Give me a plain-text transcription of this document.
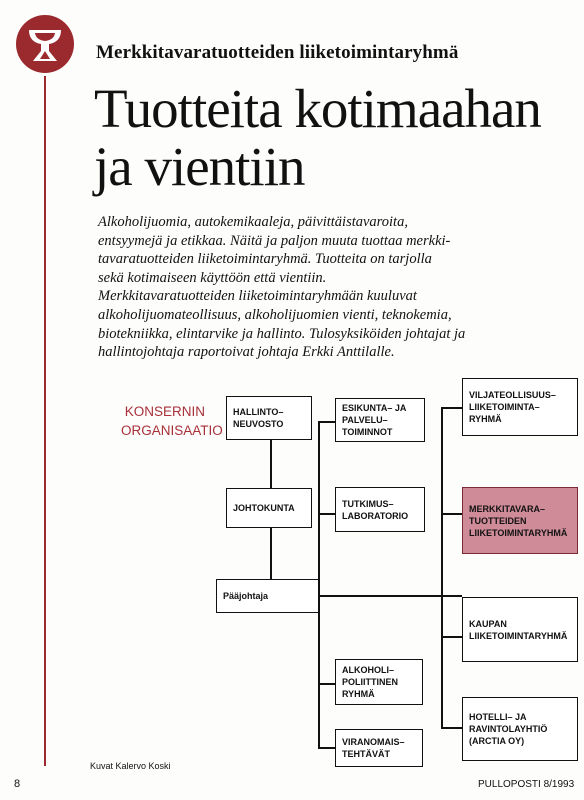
Merkkitavaratuotteiden liiketoimintaryhmä
Tuotteita kotimaahan
ja vientiin
Alkoholijuomia, autokemikaaleja, päivittäistavaroita,
entsyymejä ja etikkaa. Näitä ja paljon muuta tuottaa merkki-
tavaratuotteiden liiketoimintaryhmä. Tuotteita on tarjolla
sekä kotimaiseen käyttöön että vientiin.
Merkkitavaratuotteiden liiketoimintaryhmään kuuluvat
alkoholijuomateollisuus, alkoholijuomien vienti, teknokemia,
biotekniikka, elintarvike ja hallinto. Tulosyksiköiden johtajat ja
hallintojohtaja raportoivat johtaja Erkki Anttilalle.
KONSERNIN
ORGANISAATIO
HALLINTO–
NEUVOSTO
JOHTOKUNTA
Pääjohtaja
ESIKUNTA– JA
PALVELU–
TOIMINNOT
TUTKIMUS–
LABORATORIO
ALKOHOLI–
POLIITTINEN
RYHMÄ
VIRANOMAIS–
TEHTÄVÄT
VILJATEOLLISUUS–
LIIKETOIMINTA–
RYHMÄ
MERKKITAVARA–
TUOTTEIDEN
LIIKETOIMINTARYHMÄ
KAUPAN
LIIKETOIMINTARYHMÄ
HOTELLI– JA
RAVINTOLAYHTIÖ
(ARCTIA OY)
Kuvat Kalervo Koski
8	PULLOPOSTI 8/1993
